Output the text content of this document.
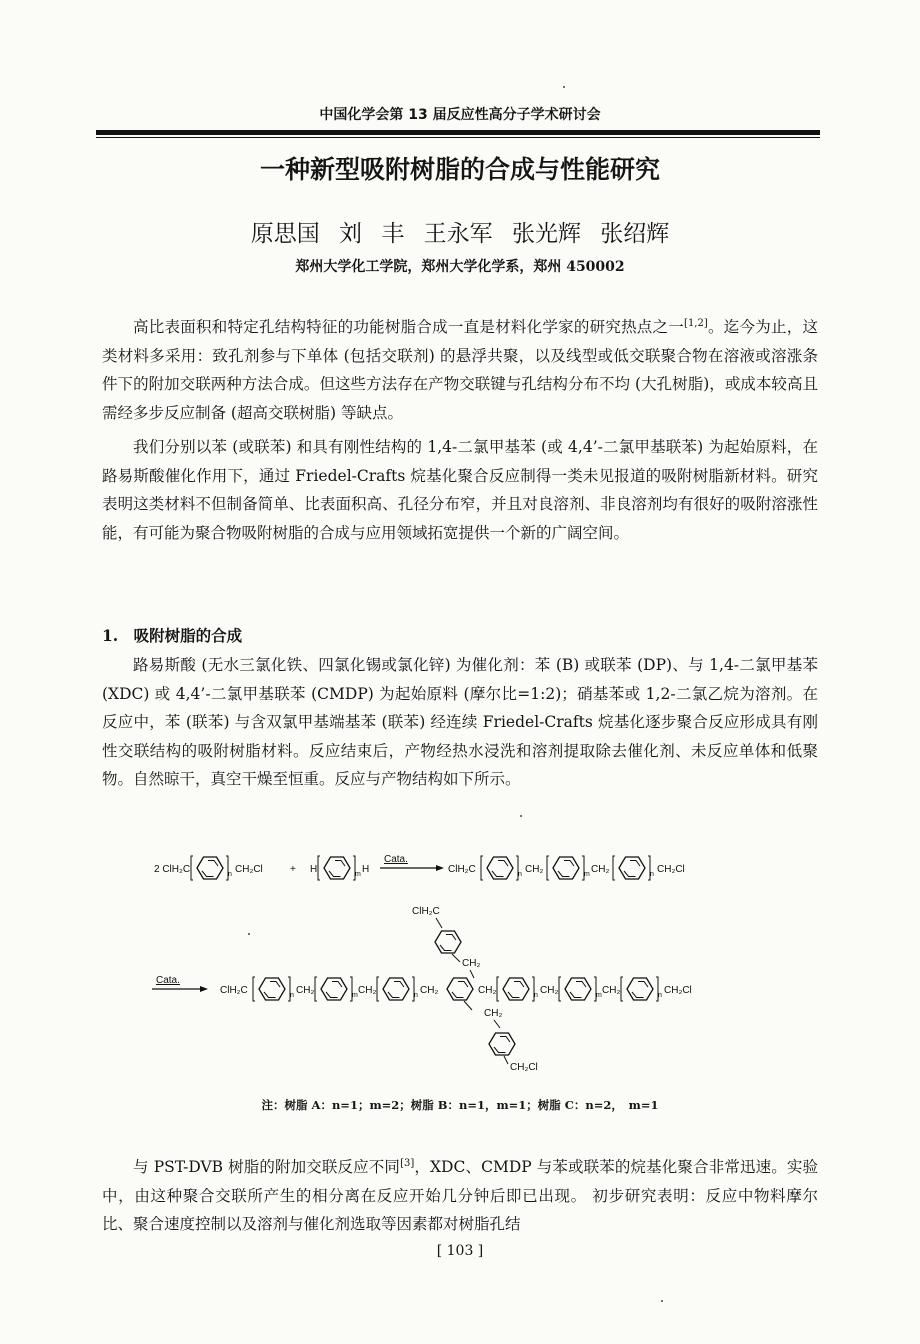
中国化学会第 13 届反应性高分子学术研讨会
一种新型吸附树脂的合成与性能研究
原思国 刘 丰 王永军 张光辉 张绍辉
郑州大学化工学院，郑州大学化学系，郑州 450002
高比表面积和特定孔结构特征的功能树脂合成一直是材料化学家的研究热点之一[1,2]。迄今为止，这类材料多采用：致孔剂参与下单体 (包括交联剂) 的悬浮共聚，以及线型或低交联聚合物在溶液或溶涨条件下的附加交联两种方法合成。但这些方法存在产物交联键与孔结构分布不均 (大孔树脂)，或成本较高且需经多步反应制备 (超高交联树脂) 等缺点。
我们分别以苯 (或联苯) 和具有刚性结构的 1,4-二氯甲基苯 (或 4,4’-二氯甲基联苯) 为起始原料，在路易斯酸催化作用下，通过 Friedel-Crafts 烷基化聚合反应制得一类未见报道的吸附树脂新材料。研究表明这类材料不但制备简单、比表面积高、孔径分布窄，并且对良溶剂、非良溶剂均有很好的吸附溶涨性能，有可能为聚合物吸附树脂的合成与应用领域拓宽提供一个新的广阔空间。
1.　吸附树脂的合成
路易斯酸 (无水三氯化铁、四氯化锡或氯化锌) 为催化剂：苯 (B) 或联苯 (DP)、与 1,4-二氯甲基苯 (XDC) 或 4,4’-二氯甲基联苯 (CMDP) 为起始原料 (摩尔比=1:2)；硝基苯或 1,2-二氯乙烷为溶剂。在反应中，苯 (联苯) 与含双氯甲基端基苯 (联苯) 经连续 Friedel-Crafts 烷基化逐步聚合反应形成具有刚性交联结构的吸附树脂材料。反应结束后，产物经热水浸洗和溶剂提取除去催化剂、未反应单体和低聚物。自然晾干，真空干燥至恒重。反应与产物结构如下所示。
2 ClH₂C	n CH₂Cl	+ H	m H
Cata.
ClH₂C	n CH₂	m CH₂	n CH₂Cl
ClH₂C
CH₂
Cata.
ClH₂C	n CH₂	m CH₂	n CH₂	CH₂	n CH₂	m CH₂	n CH₂Cl
CH₂
CH₂Cl
注：树脂 A：n=1；m=2；树脂 B：n=1，m=1；树脂 C：n=2，　m=1
与 PST-DVB 树脂的附加交联反应不同[3]，XDC、CMDP 与苯或联苯的烷基化聚合非常迅速。实验中，由这种聚合交联所产生的相分离在反应开始几分钟后即已出现。 初步研究表明：反应中物料摩尔比、聚合速度控制以及溶剂与催化剂选取等因素都对树脂孔结
[ 103 ]
